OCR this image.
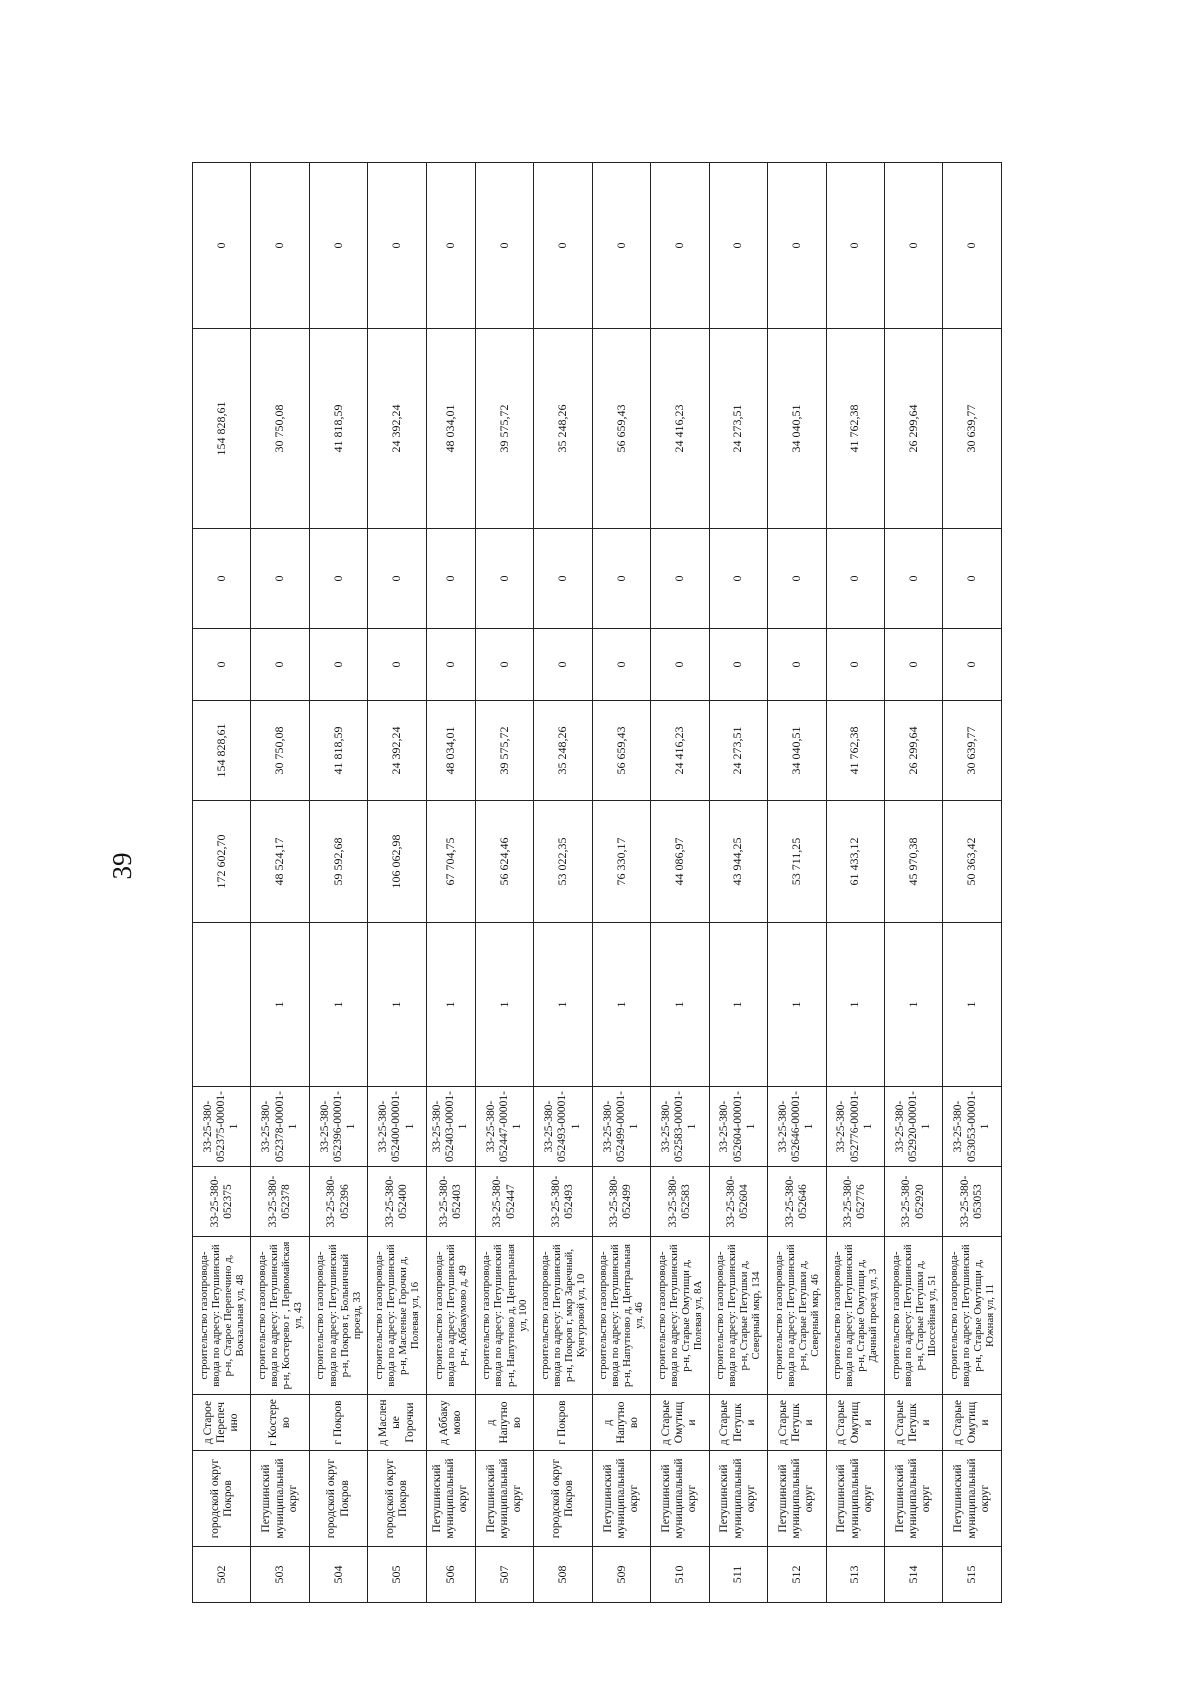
39
502	городской округ Покров	д Старое Перепеч ино	строительство газопровода-ввода по адресу: Петушинский р-н, Старое Перепечино д, Вокзальная ул, 48	33-25-380-052375	33-25-380-052375-00001-1		172 602,70	154 828,61	0	0	154 828,61	0
503	Петушинский муниципальный округ	г Костере во	строительство газопровода-ввода по адресу: Петушинский р-н, Костерево г , Первомайская ул, 43	33-25-380-052378	33-25-380-052378-00001-1	1	48 524,17	30 750,08	0	0	30 750,08	0
504	городской округ Покров	г Покров	строительство газопровода-ввода по адресу: Петушинский р-н, Покров г, Больничный проезд, 33	33-25-380-052396	33-25-380-052396-00001-1	1	59 592,68	41 818,59	0	0	41 818,59	0
505	городской округ Покров	д Маслен ые Горочки	строительство газопровода-ввода по адресу: Петушинский р-н, Масленые Горочки д, Полевая ул, 16	33-25-380-052400	33-25-380-052400-00001-1	1	106 062,98	24 392,24	0	0	24 392,24	0
506	Петушинский муниципальный округ	д Аббаку мово	строительство газопровода-ввода по адресу: Петушинский р-н, Аббакумово д, 49	33-25-380-052403	33-25-380-052403-00001-1	1	67 704,75	48 034,01	0	0	48 034,01	0
507	Петушинский муниципальный округ	д Напутно во	строительство газопровода-ввода по адресу: Петушинский р-н, Напутново д, Центральная ул, 100	33-25-380-052447	33-25-380-052447-00001-1	1	56 624,46	39 575,72	0	0	39 575,72	0
508	городской округ Покров	г Покров	строительство газопровода-ввода по адресу: Петушинский р-н, Покров г, мкр Заречный, Кунгуровой ул, 10	33-25-380-052493	33-25-380-052493-00001-1	1	53 022,35	35 248,26	0	0	35 248,26	0
509	Петушинский муниципальный округ	д Напутно во	строительство газопровода-ввода по адресу: Петушинский р-н, Напутново д, Центральная ул, 46	33-25-380-052499	33-25-380-052499-00001-1	1	76 330,17	56 659,43	0	0	56 659,43	0
510	Петушинский муниципальный округ	д Старые Омутищ и	строительство газопровода-ввода по адресу: Петушинский р-н, Старые Омутищи д, Полевая ул, 8А	33-25-380-052583	33-25-380-052583-00001-1	1	44 086,97	24 416,23	0	0	24 416,23	0
511	Петушинский муниципальный округ	д Старые Петушк и	строительство газопровода-ввода по адресу: Петушинский р-н, Старые Петушки д, Северный мкр, 134	33-25-380-052604	33-25-380-052604-00001-1	1	43 944,25	24 273,51	0	0	24 273,51	0
512	Петушинский муниципальный округ	д Старые Петушк и	строительство газопровода-ввода по адресу: Петушинский р-н, Старые Петушки д, Северный мкр, 46	33-25-380-052646	33-25-380-052646-00001-1	1	53 711,25	34 040,51	0	0	34 040,51	0
513	Петушинский муниципальный округ	д Старые Омутищ и	строительство газопровода-ввода по адресу: Петушинский р-н, Старые Омутищи д, Дачный проезд ул, 3	33-25-380-052776	33-25-380-052776-00001-1	1	61 433,12	41 762,38	0	0	41 762,38	0
514	Петушинский муниципальный округ	д Старые Петушк и	строительство газопровода-ввода по адресу: Петушинский р-н, Старые Петушки д, Шоссейная ул, 51	33-25-380-052920	33-25-380-052920-00001-1	1	45 970,38	26 299,64	0	0	26 299,64	0
515	Петушинский муниципальный округ	д Старые Омутищ и	строительство газопровода-ввода по адресу: Петушинский р-н, Старые Омутищи д, Южная ул, 11	33-25-380-053053	33-25-380-053053-00001-1	1	50 363,42	30 639,77	0	0	30 639,77	0
